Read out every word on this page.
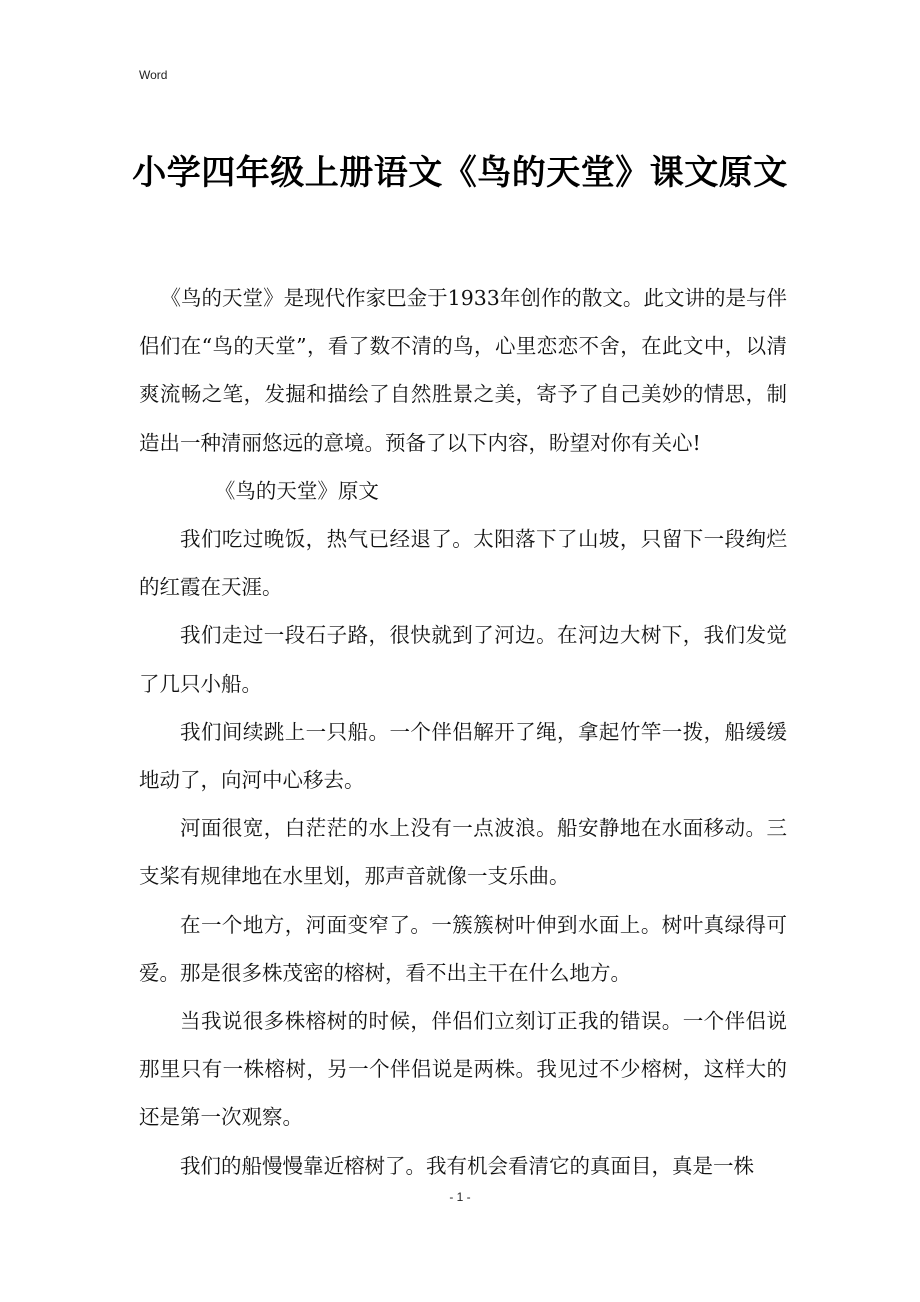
Word
小学四年级上册语文《鸟的天堂》课文原文

《鸟的天堂》是现代作家巴金于1933年创作的散文。此文讲的是与伴侣们在“鸟的天堂”，看了数不清的鸟，心里恋恋不舍，在此文中，以清爽流畅之笔，发掘和描绘了自然胜景之美，寄予了自己美妙的情思，制造出一种清丽悠远的意境。预备了以下内容，盼望对你有关心!

《鸟的天堂》原文

我们吃过晚饭，热气已经退了。太阳落下了山坡，只留下一段绚烂的红霞在天涯。

我们走过一段石子路，很快就到了河边。在河边大树下，我们发觉了几只小船。

我们间续跳上一只船。一个伴侣解开了绳，拿起竹竿一拨，船缓缓地动了，向河中心移去。

河面很宽，白茫茫的水上没有一点波浪。船安静地在水面移动。三支桨有规律地在水里划，那声音就像一支乐曲。

在一个地方，河面变窄了。一簇簇树叶伸到水面上。树叶真绿得可爱。那是很多株茂密的榕树，看不出主干在什么地方。

当我说很多株榕树的时候，伴侣们立刻订正我的错误。一个伴侣说那里只有一株榕树，另一个伴侣说是两株。我见过不少榕树，这样大的还是第一次观察。

我们的船慢慢靠近榕树了。我有机会看清它的真面目，真是一株

- 1 -
